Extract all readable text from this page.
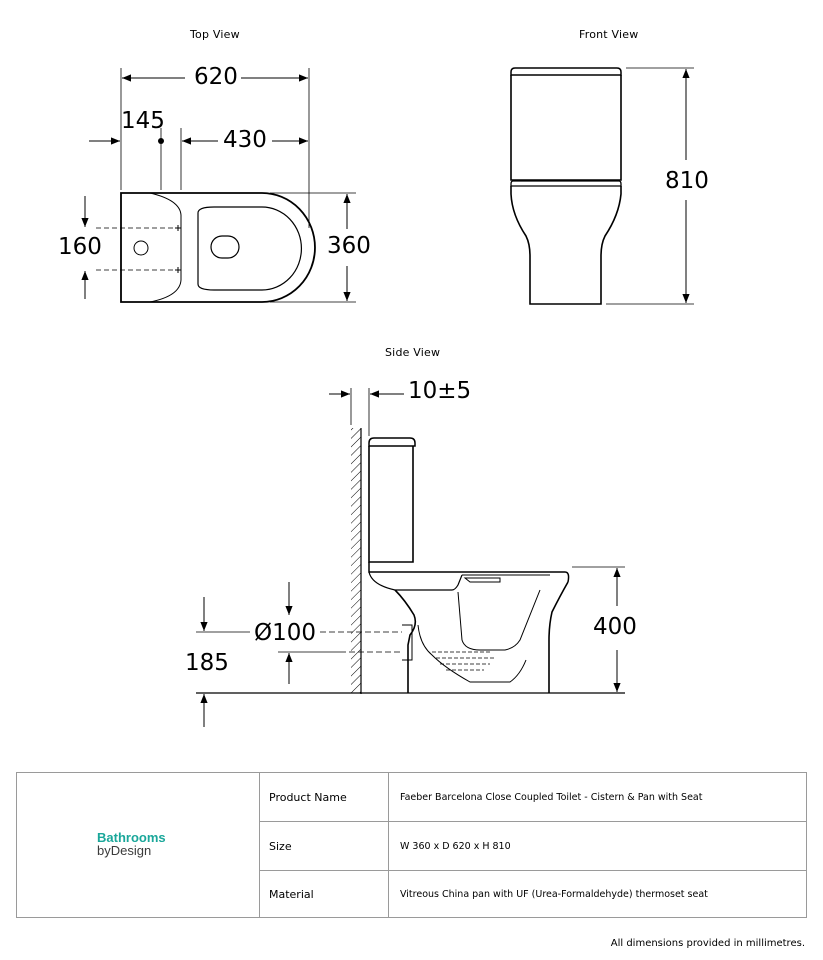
Top View	Front View
Side View
620
145
430
160	360
810
10±5
Ø100
185
400
Bathrooms
byDesign
Product Name	Faeber Barcelona Close Coupled Toilet - Cistern & Pan with Seat
Size	W 360 x D 620 x H 810
Material	Vitreous China pan with UF (Urea-Formaldehyde) thermoset seat
All dimensions provided in millimetres.
